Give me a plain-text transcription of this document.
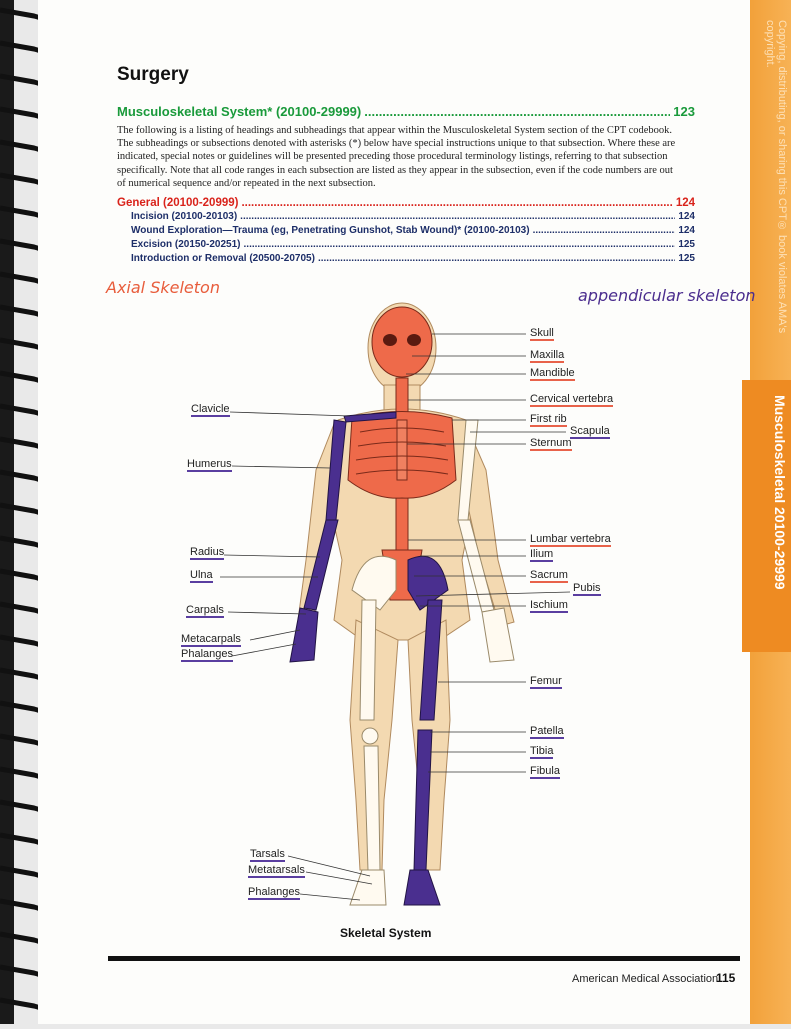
Copying, distributing, or sharing this CPT® book violates AMA's copyright.
Musculoskeletal 20100-29999
Surgery
Musculoskeletal System* (20100-29999) .....	123

The following is a listing of headings and subheadings that appear within the Musculoskeletal System section of the CPT codebook. The subheadings or subsections denoted with asterisks (*) below have special instructions unique to that subsection. Where these are indicated, special notes or guidelines will be presented preceding those procedural terminology listings, referring to that subsection specifically. Note that all code ranges in each subsection are listed as they appear in the subsection, even if the code numbers are out of numerical sequence and/or repeated in the next subsection.

General (20100-20999) .....	124
Incision (20100-20103) .....	124
Wound Exploration—Trauma (eg, Penetrating Gunshot, Stab Wound)* (20100-20103) .....	124
Excision (20150-20251) .....	125
Introduction or Removal (20500-20705) .....	125
Axial Skeleton	appendicular skeleton
Clavicle
Humerus
Radius
Ulna
Carpals
Metacarpals
Phalanges
Tarsals
Metatarsals
Phalanges
Skull
Maxilla
Mandible
Cervical vertebra
First rib
Scapula
Sternum
Lumbar vertebra
Ilium
Sacrum
Pubis
Ischium
Femur
Patella
Tibia
Fibula
Skeletal System
American Medical Association
115
